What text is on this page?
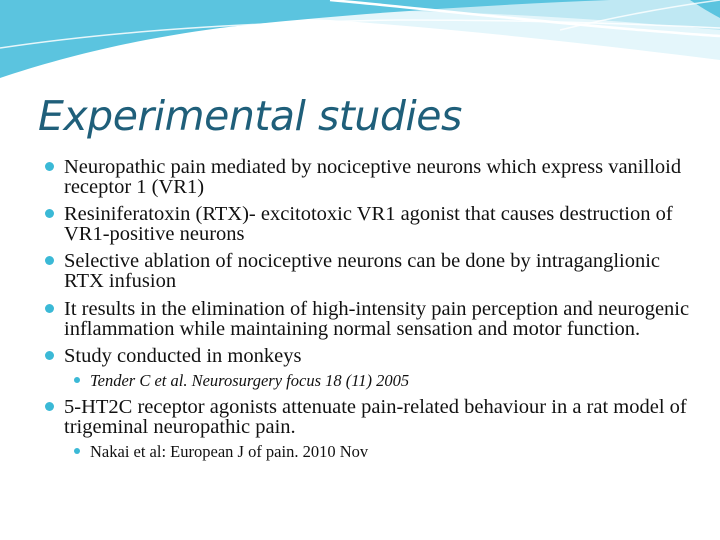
Experimental studies
Neuropathic pain mediated by nociceptive neurons which express vanilloid receptor 1 (VR1)
Resiniferatoxin (RTX)- excitotoxic VR1 agonist that causes destruction of VR1-positive neurons
Selective ablation of nociceptive neurons can be done by intraganglionic RTX infusion
It results in the elimination of high-intensity pain perception and neurogenic inflammation while maintaining normal sensation and motor function.
Study conducted in monkeys
Tender C et al. Neurosurgery focus 18 (11) 2005
5-HT2C receptor agonists attenuate pain-related behaviour in a rat model of trigeminal neuropathic pain.
Nakai et al: European J of pain. 2010 Nov
